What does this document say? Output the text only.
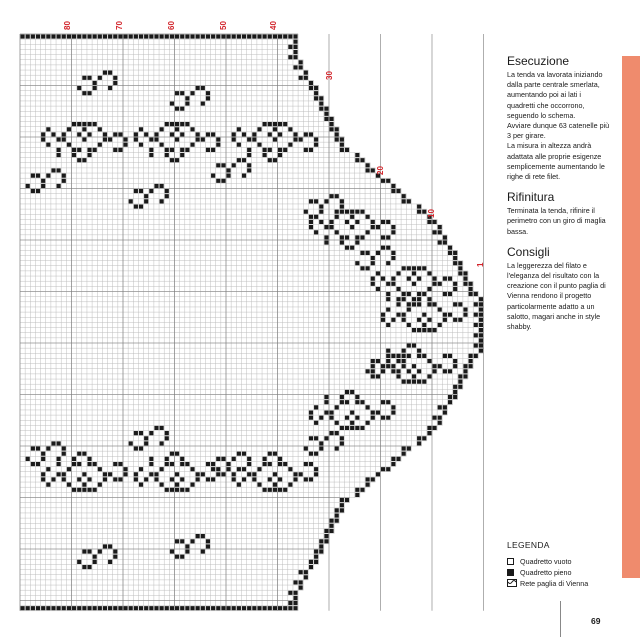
80	70	60	50	40
30
20
10
1
Esecuzione

La tenda va lavorata iniziando dalla parte centrale smerlata, aumentando poi ai lati i quadretti che occorrono, seguendo lo schema.
Avviare dunque 63 catenelle più 3 per girare.
La misura in altezza andrà adattata alle proprie esigenze semplicemente aumentando le righe di rete filet.

Rifinitura

Terminata la tenda, rifinire il perimetro con un giro di maglia bassa.

Consigli

La leggerezza del filato e l'eleganza del risultato con la creazione con il punto paglia di Vienna rendono il progetto particolarmente adatto a un salotto, magari anche in style shabby.

LEGENDA
Quadretto vuoto
Quadretto pieno
Rete paglia di Vienna
69
